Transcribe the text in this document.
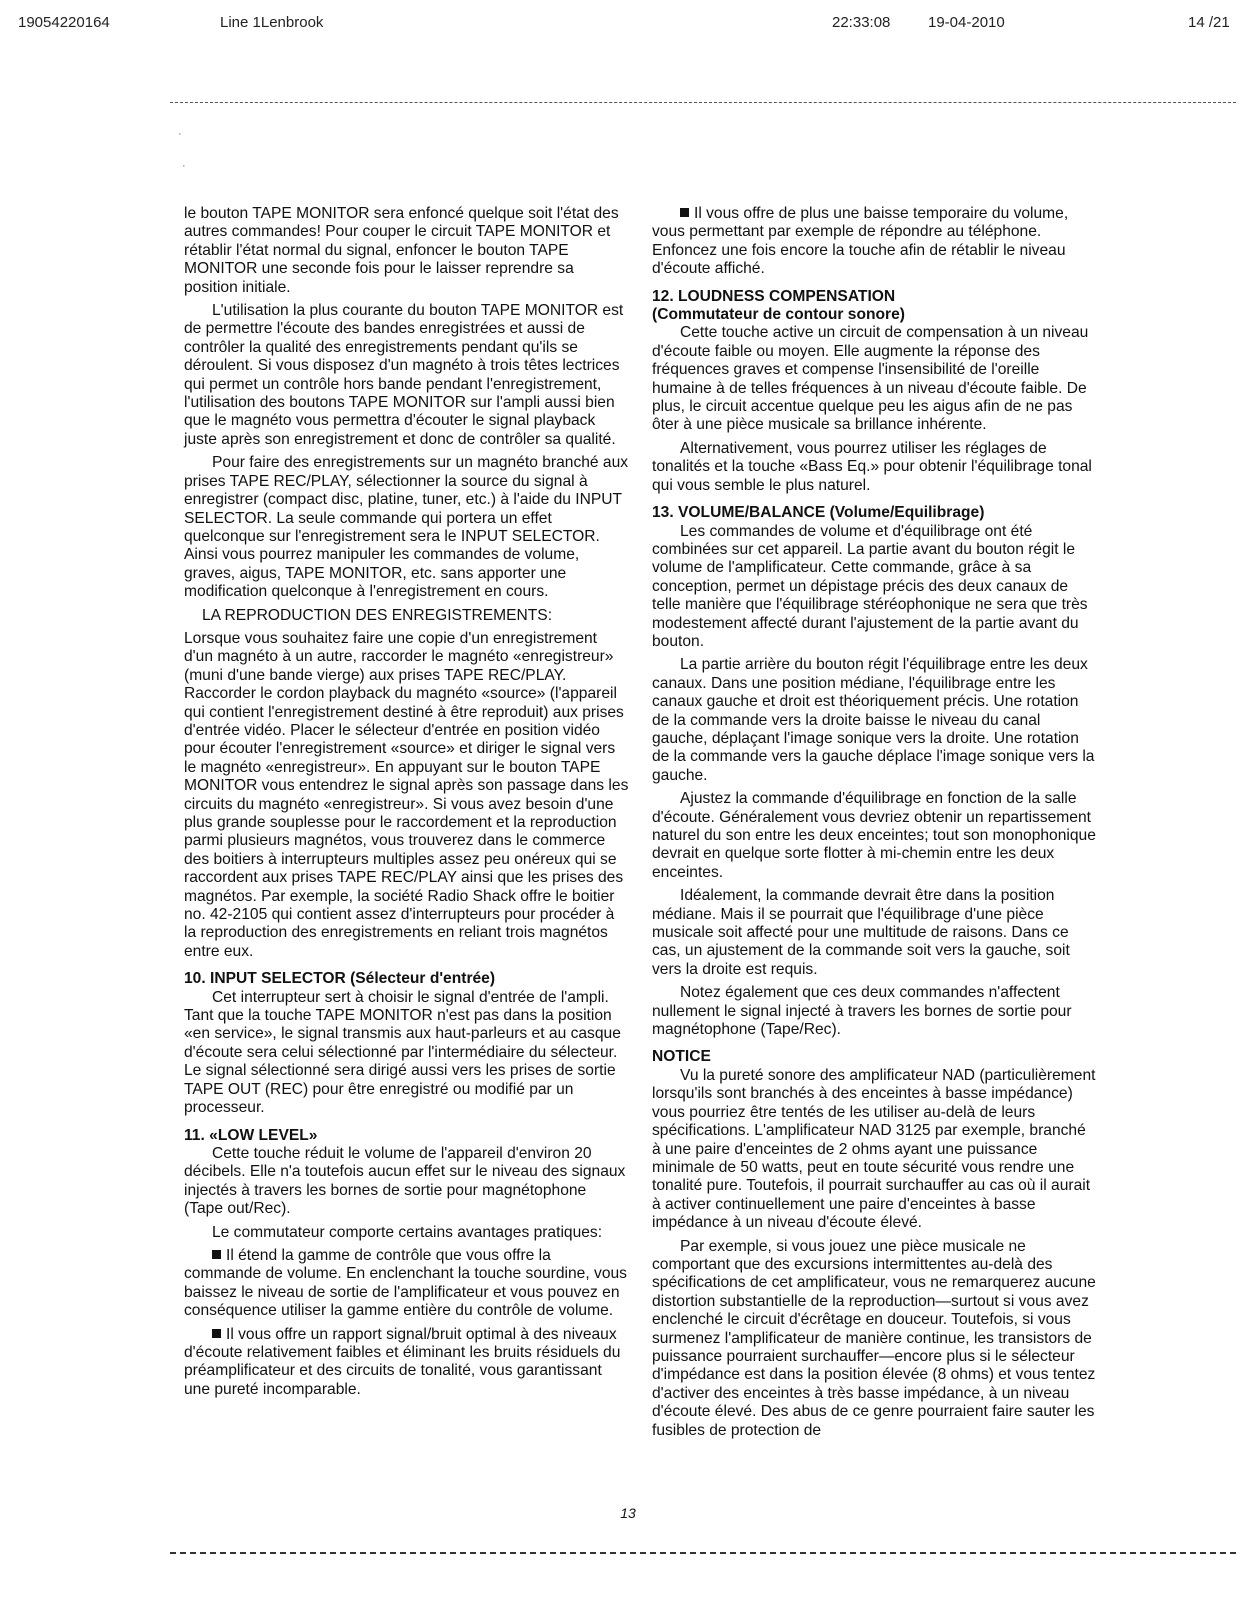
19054220164	Line 1Lenbrook	22:33:08	19-04-2010	14 /21
·
·

le bouton TAPE MONITOR sera enfoncé quelque soit l'état des autres commandes! Pour couper le circuit TAPE MONITOR et rétablir l'état normal du signal, enfoncer le bouton TAPE MONITOR une seconde fois pour le laisser reprendre sa position initiale.

L'utilisation la plus courante du bouton TAPE MONITOR est de permettre l'écoute des bandes enregistrées et aussi de contrôler la qualité des enregistrements pendant qu'ils se déroulent. Si vous disposez d'un magnéto à trois têtes lectrices qui permet un contrôle hors bande pendant l'enregistrement, l'utilisation des boutons TAPE MONITOR sur l'ampli aussi bien que le magnéto vous permettra d'écouter le signal playback juste après son enregistrement et donc de contrôler sa qualité.

Pour faire des enregistrements sur un magnéto branché aux prises TAPE REC/PLAY, sélectionner la source du signal à enregistrer (compact disc, platine, tuner, etc.) à l'aide du INPUT SELECTOR. La seule commande qui portera un effet quelconque sur l'enregistrement sera le INPUT SELECTOR. Ainsi vous pourrez manipuler les commandes de volume, graves, aigus, TAPE MONITOR, etc. sans apporter une modification quelconque à l'enregistrement en cours.

LA REPRODUCTION DES ENREGISTREMENTS:

Lorsque vous souhaitez faire une copie d'un enregistrement d'un magnéto à un autre, raccorder le magnéto «enregistreur» (muni d'une bande vierge) aux prises TAPE REC/PLAY. Raccorder le cordon playback du magnéto «source» (l'appareil qui contient l'enregistrement destiné à être reproduit) aux prises d'entrée vidéo. Placer le sélecteur d'entrée en position vidéo pour écouter l'enregistrement «source» et diriger le signal vers le magnéto «enregistreur». En appuyant sur le bouton TAPE MONITOR vous entendrez le signal après son passage dans les circuits du magnéto «enregistreur». Si vous avez besoin d'une plus grande souplesse pour le raccordement et la reproduction parmi plusieurs magnétos, vous trouverez dans le commerce des boitiers à interrupteurs multiples assez peu onéreux qui se raccordent aux prises TAPE REC/PLAY ainsi que les prises des magnétos. Par exemple, la société Radio Shack offre le boitier no. 42-2105 qui contient assez d'interrupteurs pour procéder à la reproduction des enregistrements en reliant trois magnétos entre eux.

10. INPUT SELECTOR (Sélecteur d'entrée)

Cet interrupteur sert à choisir le signal d'entrée de l'ampli. Tant que la touche TAPE MONITOR n'est pas dans la position «en service», le signal transmis aux haut-parleurs et au casque d'écoute sera celui sélectionné par l'intermédiaire du sélecteur. Le signal sélectionné sera dirigé aussi vers les prises de sortie TAPE OUT (REC) pour être enregistré ou modifié par un processeur.

11. «LOW LEVEL»

Cette touche réduit le volume de l'appareil d'environ 20 décibels. Elle n'a toutefois aucun effet sur le niveau des signaux injectés à travers les bornes de sortie pour magnétophone (Tape out/Rec).

Le commutateur comporte certains avantages pratiques:

Il étend la gamme de contrôle que vous offre la commande de volume. En enclenchant la touche sourdine, vous baissez le niveau de sortie de l'amplificateur et vous pouvez en conséquence utiliser la gamme entière du contrôle de volume.

Il vous offre un rapport signal/bruit optimal à des niveaux d'écoute relativement faibles et éliminant les bruits résiduels du préamplificateur et des circuits de tonalité, vous garantissant une pureté incomparable.

Il vous offre de plus une baisse temporaire du volume, vous permettant par exemple de répondre au téléphone. Enfoncez une fois encore la touche afin de rétablir le niveau d'écoute affiché.

12. LOUDNESS COMPENSATION
(Commutateur de contour sonore)

Cette touche active un circuit de compensation à un niveau d'écoute faible ou moyen. Elle augmente la réponse des fréquences graves et compense l'insensibilité de l'oreille humaine à de telles fréquences à un niveau d'écoute faible. De plus, le circuit accentue quelque peu les aigus afin de ne pas ôter à une pièce musicale sa brillance inhérente.

Alternativement, vous pourrez utiliser les réglages de tonalités et la touche «Bass Eq.» pour obtenir l'équilibrage tonal qui vous semble le plus naturel.

13. VOLUME/BALANCE (Volume/Equilibrage)

Les commandes de volume et d'équilibrage ont été combinées sur cet appareil. La partie avant du bouton régit le volume de l'amplificateur. Cette commande, grâce à sa conception, permet un dépistage précis des deux canaux de telle manière que l'équilibrage stéréophonique ne sera que très modestement affecté durant l'ajustement de la partie avant du bouton.

La partie arrière du bouton régit l'équilibrage entre les deux canaux. Dans une position médiane, l'équilibrage entre les canaux gauche et droit est théoriquement précis. Une rotation de la commande vers la droite baisse le niveau du canal gauche, déplaçant l'image sonique vers la droite. Une rotation de la commande vers la gauche déplace l'image sonique vers la gauche.

Ajustez la commande d'équilibrage en fonction de la salle d'écoute. Généralement vous devriez obtenir un repartissement naturel du son entre les deux enceintes; tout son monophonique devrait en quelque sorte flotter à mi-chemin entre les deux enceintes.

Idéalement, la commande devrait être dans la position médiane. Mais il se pourrait que l'équilibrage d'une pièce musicale soit affecté pour une multitude de raisons. Dans ce cas, un ajustement de la commande soit vers la gauche, soit vers la droite est requis.

Notez également que ces deux commandes n'affectent nullement le signal injecté à travers les bornes de sortie pour magnétophone (Tape/Rec).

NOTICE

Vu la pureté sonore des amplificateur NAD (particulièrement lorsqu'ils sont branchés à des enceintes à basse impédance) vous pourriez être tentés de les utiliser au-delà de leurs spécifications. L'amplificateur NAD 3125 par exemple, branché à une paire d'enceintes de 2 ohms ayant une puissance minimale de 50 watts, peut en toute sécurité vous rendre une tonalité pure. Toutefois, il pourrait surchauffer au cas où il aurait à activer continuellement une paire d'enceintes à basse impédance à un niveau d'écoute élevé.

Par exemple, si vous jouez une pièce musicale ne comportant que des excursions intermittentes au-delà des spécifications de cet amplificateur, vous ne remarquerez aucune distortion substantielle de la reproduction—surtout si vous avez enclenché le circuit d'écrêtage en douceur. Toutefois, si vous surmenez l'amplificateur de manière continue, les transistors de puissance pourraient surchauffer—encore plus si le sélecteur d'impédance est dans la position élevée (8 ohms) et vous tentez d'activer des enceintes à très basse impédance, à un niveau d'écoute élevé. Des abus de ce genre pourraient faire sauter les fusibles de protection de

13
